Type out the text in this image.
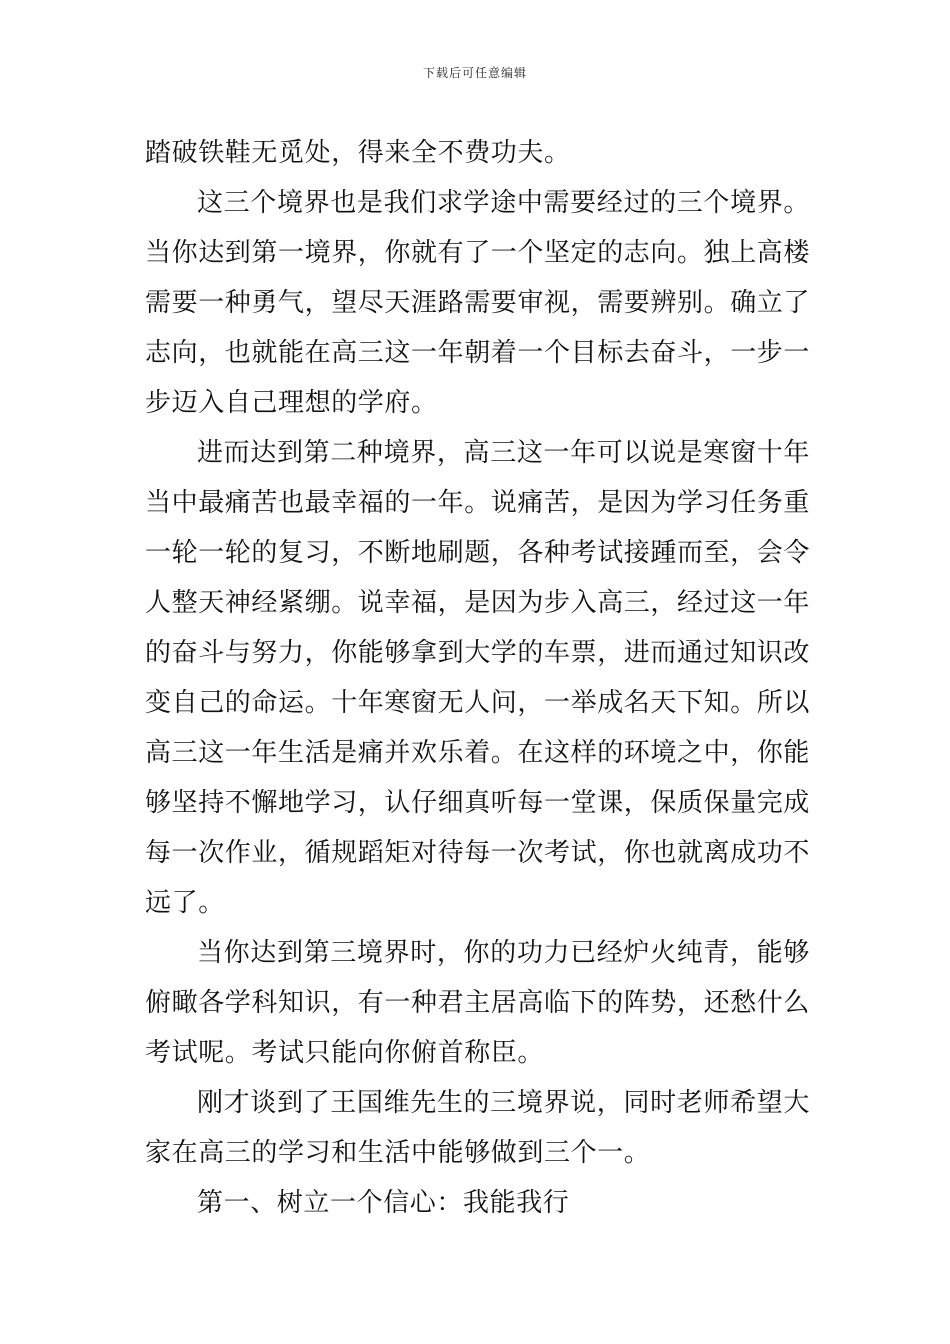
下载后可任意编辑

踏破铁鞋无觅处，得来全不费功夫。

这三个境界也是我们求学途中需要经过的三个境界。当你达到第一境界，你就有了一个坚定的志向。独上高楼需要一种勇气，望尽天涯路需要审视，需要辨别。确立了志向，也就能在高三这一年朝着一个目标去奋斗，一步一步迈入自己理想的学府。

进而达到第二种境界，高三这一年可以说是寒窗十年当中最痛苦也最幸福的一年。说痛苦，是因为学习任务重一轮一轮的复习，不断地刷题，各种考试接踵而至，会令人整天神经紧绷。说幸福，是因为步入高三，经过这一年的奋斗与努力，你能够拿到大学的车票，进而通过知识改变自己的命运。十年寒窗无人问，一举成名天下知。所以高三这一年生活是痛并欢乐着。在这样的环境之中，你能够坚持不懈地学习，认仔细真听每一堂课，保质保量完成每一次作业，循规蹈矩对待每一次考试，你也就离成功不远了。

当你达到第三境界时，你的功力已经炉火纯青，能够俯瞰各学科知识，有一种君主居高临下的阵势，还愁什么考试呢。考试只能向你俯首称臣。

刚才谈到了王国维先生的三境界说，同时老师希望大家在高三的学习和生活中能够做到三个一。

第一、树立一个信心：我能我行
